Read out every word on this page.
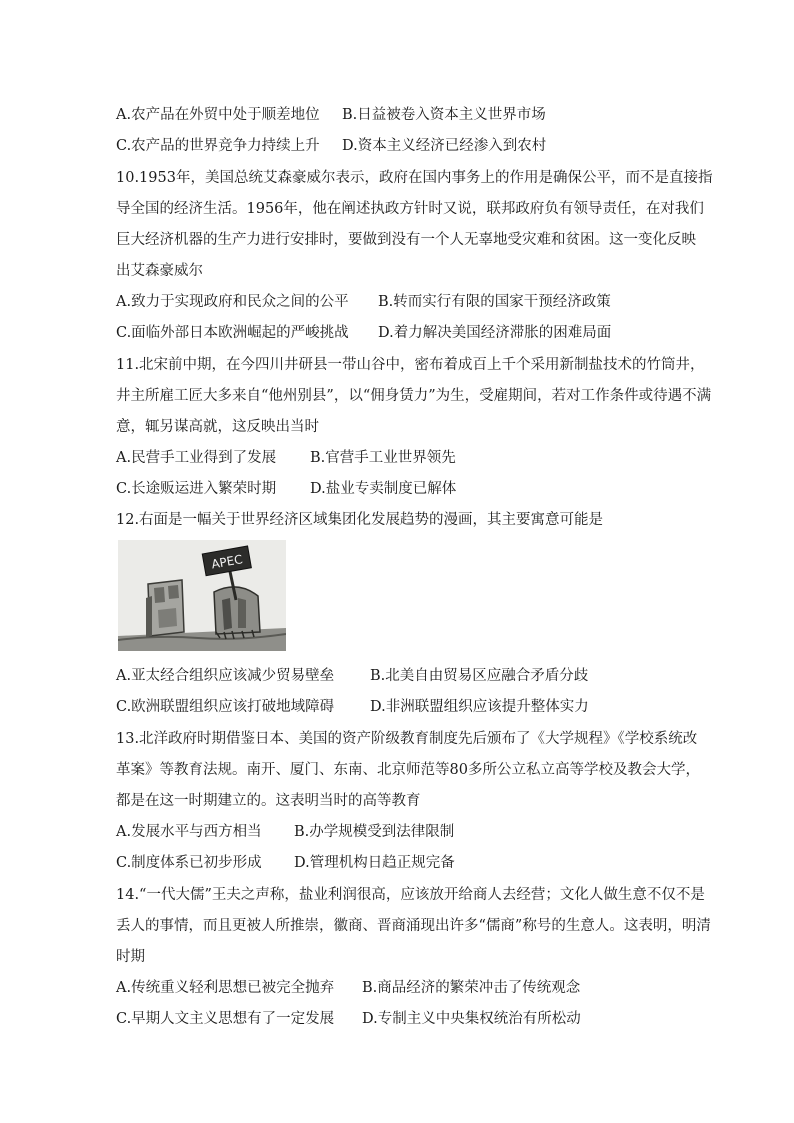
A.农产品在外贸中处于顺差地位 B.日益被卷入资本主义世界市场
C.农产品的世界竞争力持续上升 D.资本主义经济已经渗入到农村
10.1953年，美国总统艾森豪威尔表示，政府在国内事务上的作用是确保公平，而不是直接指
导全国的经济生活。1956年，他在阐述执政方针时又说，联邦政府负有领导责任，在对我们
巨大经济机器的生产力进行安排时，要做到没有一个人无辜地受灾难和贫困。这一变化反映
出艾森豪威尔
A.致力于实现政府和民众之间的公平 B.转而实行有限的国家干预经济政策
C.面临外部日本欧洲崛起的严峻挑战 D.着力解决美国经济滞胀的困难局面
11.北宋前中期，在今四川井研县一带山谷中，密布着成百上千个采用新制盐技术的竹筒井，
井主所雇工匠大多来自“他州别县”，以“佣身赁力”为生，受雇期间，若对工作条件或待遇不满
意，辄另谋高就，这反映出当时
A.民营手工业得到了发展 B.官营手工业世界领先
C.长途贩运进入繁荣时期 D.盐业专卖制度已解体
12.右面是一幅关于世界经济区域集团化发展趋势的漫画，其主要寓意可能是
APEC
A.亚太经合组织应该减少贸易壁垒 B.北美自由贸易区应融合矛盾分歧
C.欧洲联盟组织应该打破地域障碍 D.非洲联盟组织应该提升整体实力
13.北洋政府时期借鉴日本、美国的资产阶级教育制度先后颁布了《大学规程》《学校系统改
革案》等教育法规。南开、厦门、东南、北京师范等80多所公立私立高等学校及教会大学，
都是在这一时期建立的。这表明当时的高等教育
A.发展水平与西方相当 B.办学规模受到法律限制
C.制度体系已初步形成 D.管理机构日趋正规完备
14.“一代大儒”王夫之声称，盐业利润很高，应该放开给商人去经营；文化人做生意不仅不是
丢人的事情，而且更被人所推崇，徽商、晋商涌现出许多“儒商”称号的生意人。这表明，明清
时期
A.传统重义轻利思想已被完全抛弃 B.商品经济的繁荣冲击了传统观念
C.早期人文主义思想有了一定发展 D.专制主义中央集权统治有所松动
